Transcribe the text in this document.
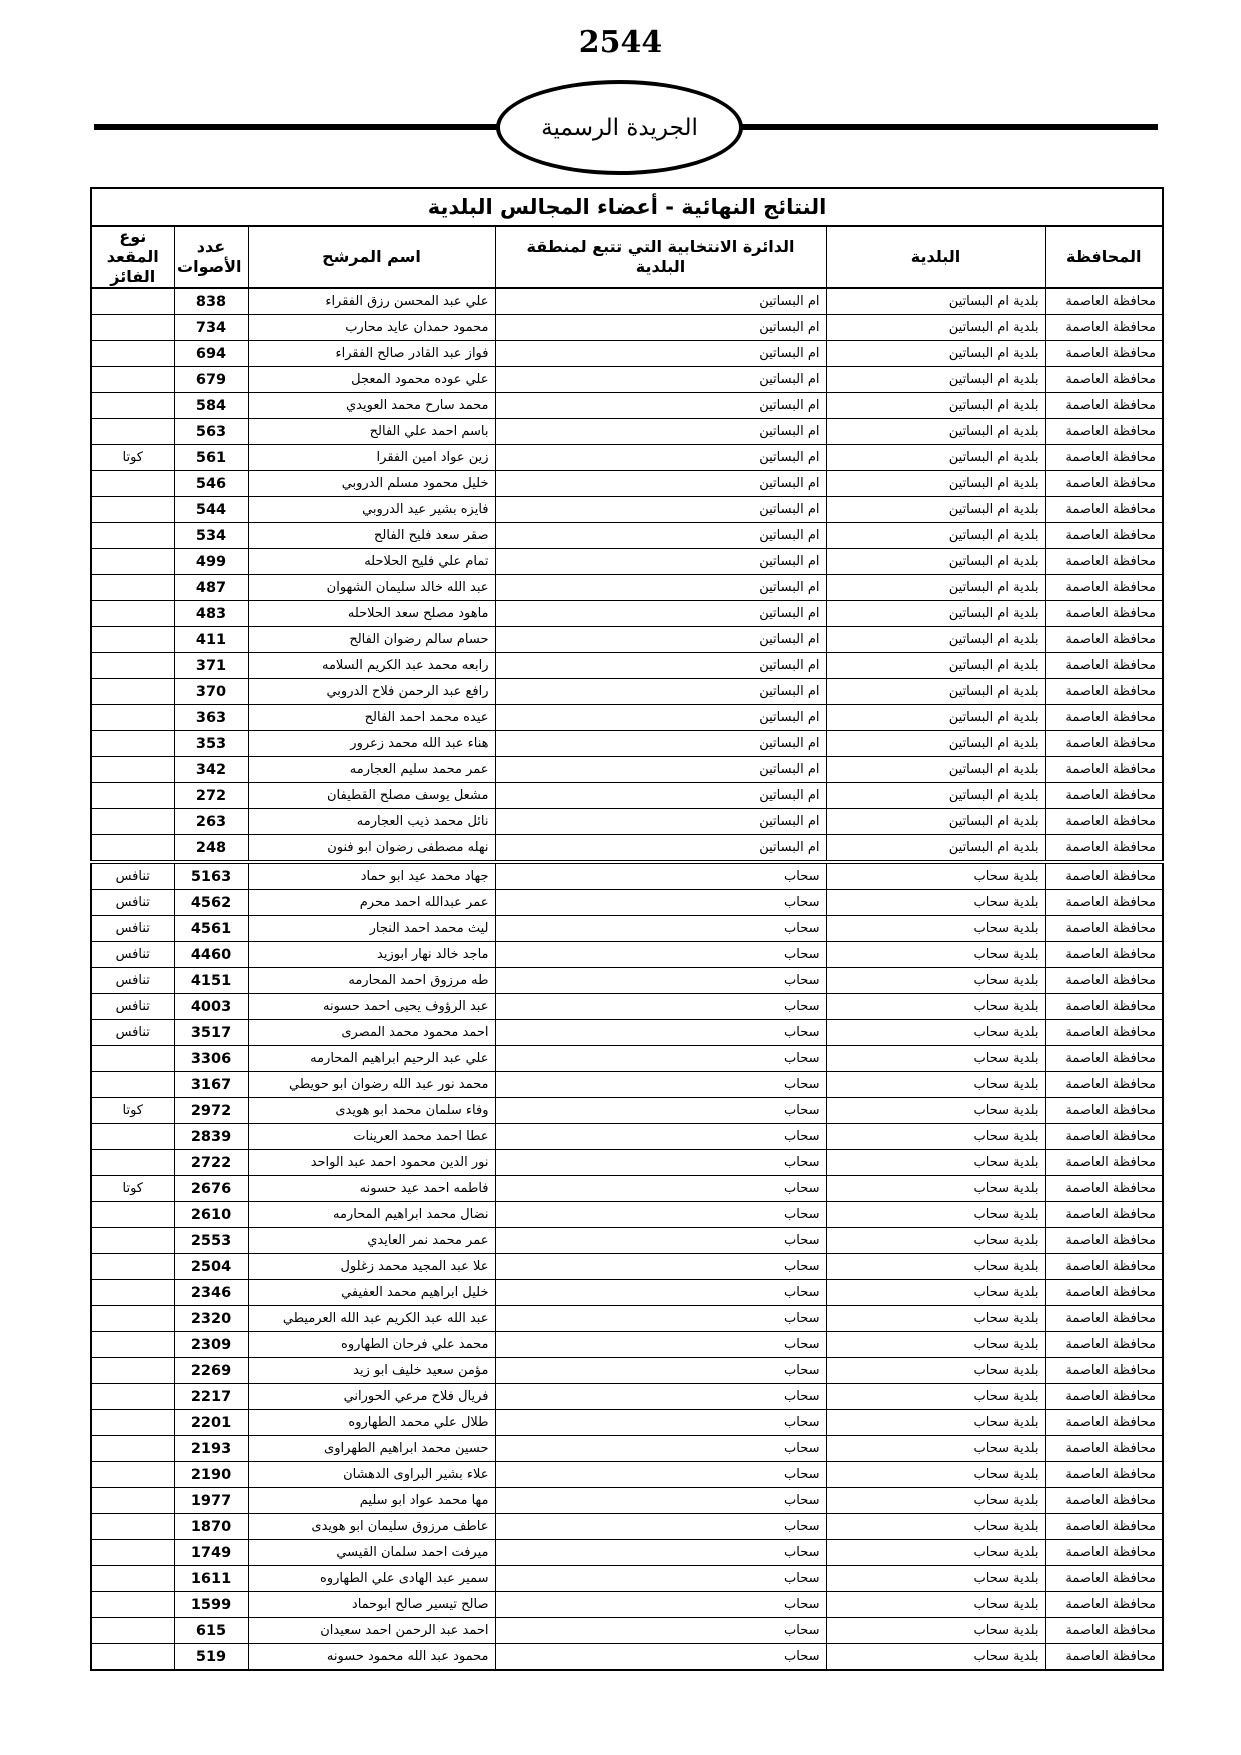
2544
الجريدة الرسمية
النتائج النهائية - أعضاء المجالس البلدية					
المحافظة	البلدية	الدائرة الانتخابية التي تتبع لمنطقة البلدية	اسم المرشح	عدد الأصوات	نوع المقعد الفائز
محافظة العاصمة	بلدية ام البساتين	ام البساتين	علي عبد المحسن رزق الفقراء	838	
محافظة العاصمة	بلدية ام البساتين	ام البساتين	محمود حمدان عايد محارب	734	
محافظة العاصمة	بلدية ام البساتين	ام البساتين	فواز عبد القادر صالح الفقراء	694	
محافظة العاصمة	بلدية ام البساتين	ام البساتين	علي عوده محمود المعجل	679	
محافظة العاصمة	بلدية ام البساتين	ام البساتين	محمد سارح محمد العويدي	584	
محافظة العاصمة	بلدية ام البساتين	ام البساتين	باسم احمد علي الفالح	563	
محافظة العاصمة	بلدية ام البساتين	ام البساتين	زين عواد امين الفقرا	561	كوتا
محافظة العاصمة	بلدية ام البساتين	ام البساتين	خليل محمود مسلم الدروبي	546	
محافظة العاصمة	بلدية ام البساتين	ام البساتين	فايزه بشير عيد الدروبي	544	
محافظة العاصمة	بلدية ام البساتين	ام البساتين	صقر سعد فليح الفالح	534	
محافظة العاصمة	بلدية ام البساتين	ام البساتين	تمام علي فليح الحلاحله	499	
محافظة العاصمة	بلدية ام البساتين	ام البساتين	عبد الله خالد سليمان الشهوان	487	
محافظة العاصمة	بلدية ام البساتين	ام البساتين	ماهود مصلح سعد الحلاحله	483	
محافظة العاصمة	بلدية ام البساتين	ام البساتين	حسام سالم رضوان الفالح	411	
محافظة العاصمة	بلدية ام البساتين	ام البساتين	رابعه محمد عبد الكريم السلامه	371	
محافظة العاصمة	بلدية ام البساتين	ام البساتين	رافع عبد الرحمن فلاح الدروبي	370	
محافظة العاصمة	بلدية ام البساتين	ام البساتين	عيده محمد احمد الفالح	363	
محافظة العاصمة	بلدية ام البساتين	ام البساتين	هناء عبد الله محمد زعرور	353	
محافظة العاصمة	بلدية ام البساتين	ام البساتين	عمر محمد سليم العجارمه	342	
محافظة العاصمة	بلدية ام البساتين	ام البساتين	مشعل يوسف مصلح القطيفان	272	
محافظة العاصمة	بلدية ام البساتين	ام البساتين	نائل محمد ذيب العجارمه	263	
محافظة العاصمة	بلدية ام البساتين	ام البساتين	نهله مصطفى رضوان ابو فنون	248	
محافظة العاصمة	بلدية سحاب	سحاب	جهاد محمد عيد ابو حماد	5163	تنافس
محافظة العاصمة	بلدية سحاب	سحاب	عمر عبدالله احمد محرم	4562	تنافس
محافظة العاصمة	بلدية سحاب	سحاب	ليث محمد احمد النجار	4561	تنافس
محافظة العاصمة	بلدية سحاب	سحاب	ماجد خالد نهار ابوزيد	4460	تنافس
محافظة العاصمة	بلدية سحاب	سحاب	طه مرزوق احمد المحارمه	4151	تنافس
محافظة العاصمة	بلدية سحاب	سحاب	عبد الرؤوف يحيى احمد حسونه	4003	تنافس
محافظة العاصمة	بلدية سحاب	سحاب	احمد محمود محمد المصرى	3517	تنافس
محافظة العاصمة	بلدية سحاب	سحاب	علي عبد الرحيم ابراهيم المحارمه	3306	
محافظة العاصمة	بلدية سحاب	سحاب	محمد نور عبد الله رضوان ابو حويطي	3167	
محافظة العاصمة	بلدية سحاب	سحاب	وفاء سلمان محمد ابو هويدى	2972	كوتا
محافظة العاصمة	بلدية سحاب	سحاب	عطا احمد محمد العرينات	2839	
محافظة العاصمة	بلدية سحاب	سحاب	نور الدين محمود احمد عبد الواحد	2722	
محافظة العاصمة	بلدية سحاب	سحاب	فاطمه احمد عيد حسونه	2676	كوتا
محافظة العاصمة	بلدية سحاب	سحاب	نضال محمد ابراهيم المحارمه	2610	
محافظة العاصمة	بلدية سحاب	سحاب	عمر محمد نمر العايدي	2553	
محافظة العاصمة	بلدية سحاب	سحاب	علا عبد المجيد محمد زغلول	2504	
محافظة العاصمة	بلدية سحاب	سحاب	خليل ابراهيم محمد العفيفي	2346	
محافظة العاصمة	بلدية سحاب	سحاب	عبد الله عبد الكريم عبد الله العرميطي	2320	
محافظة العاصمة	بلدية سحاب	سحاب	محمد علي فرحان الطهاروه	2309	
محافظة العاصمة	بلدية سحاب	سحاب	مؤمن سعيد خليف ابو زيد	2269	
محافظة العاصمة	بلدية سحاب	سحاب	فريال فلاح مرعي الحوراني	2217	
محافظة العاصمة	بلدية سحاب	سحاب	طلال علي محمد الطهاروه	2201	
محافظة العاصمة	بلدية سحاب	سحاب	حسين محمد ابراهيم الطهراوى	2193	
محافظة العاصمة	بلدية سحاب	سحاب	علاء بشير البراوى الدهشان	2190	
محافظة العاصمة	بلدية سحاب	سحاب	مها محمد عواد ابو سليم	1977	
محافظة العاصمة	بلدية سحاب	سحاب	عاطف مرزوق سليمان ابو هويدى	1870	
محافظة العاصمة	بلدية سحاب	سحاب	ميرفت احمد سلمان القيسي	1749	
محافظة العاصمة	بلدية سحاب	سحاب	سمير عبد الهادى علي الطهاروه	1611	
محافظة العاصمة	بلدية سحاب	سحاب	صالح تيسير صالح ابوحماد	1599	
محافظة العاصمة	بلدية سحاب	سحاب	احمد عبد الرحمن احمد سعيدان	615	
محافظة العاصمة	بلدية سحاب	سحاب	محمود عبد الله محمود حسونه	519	
